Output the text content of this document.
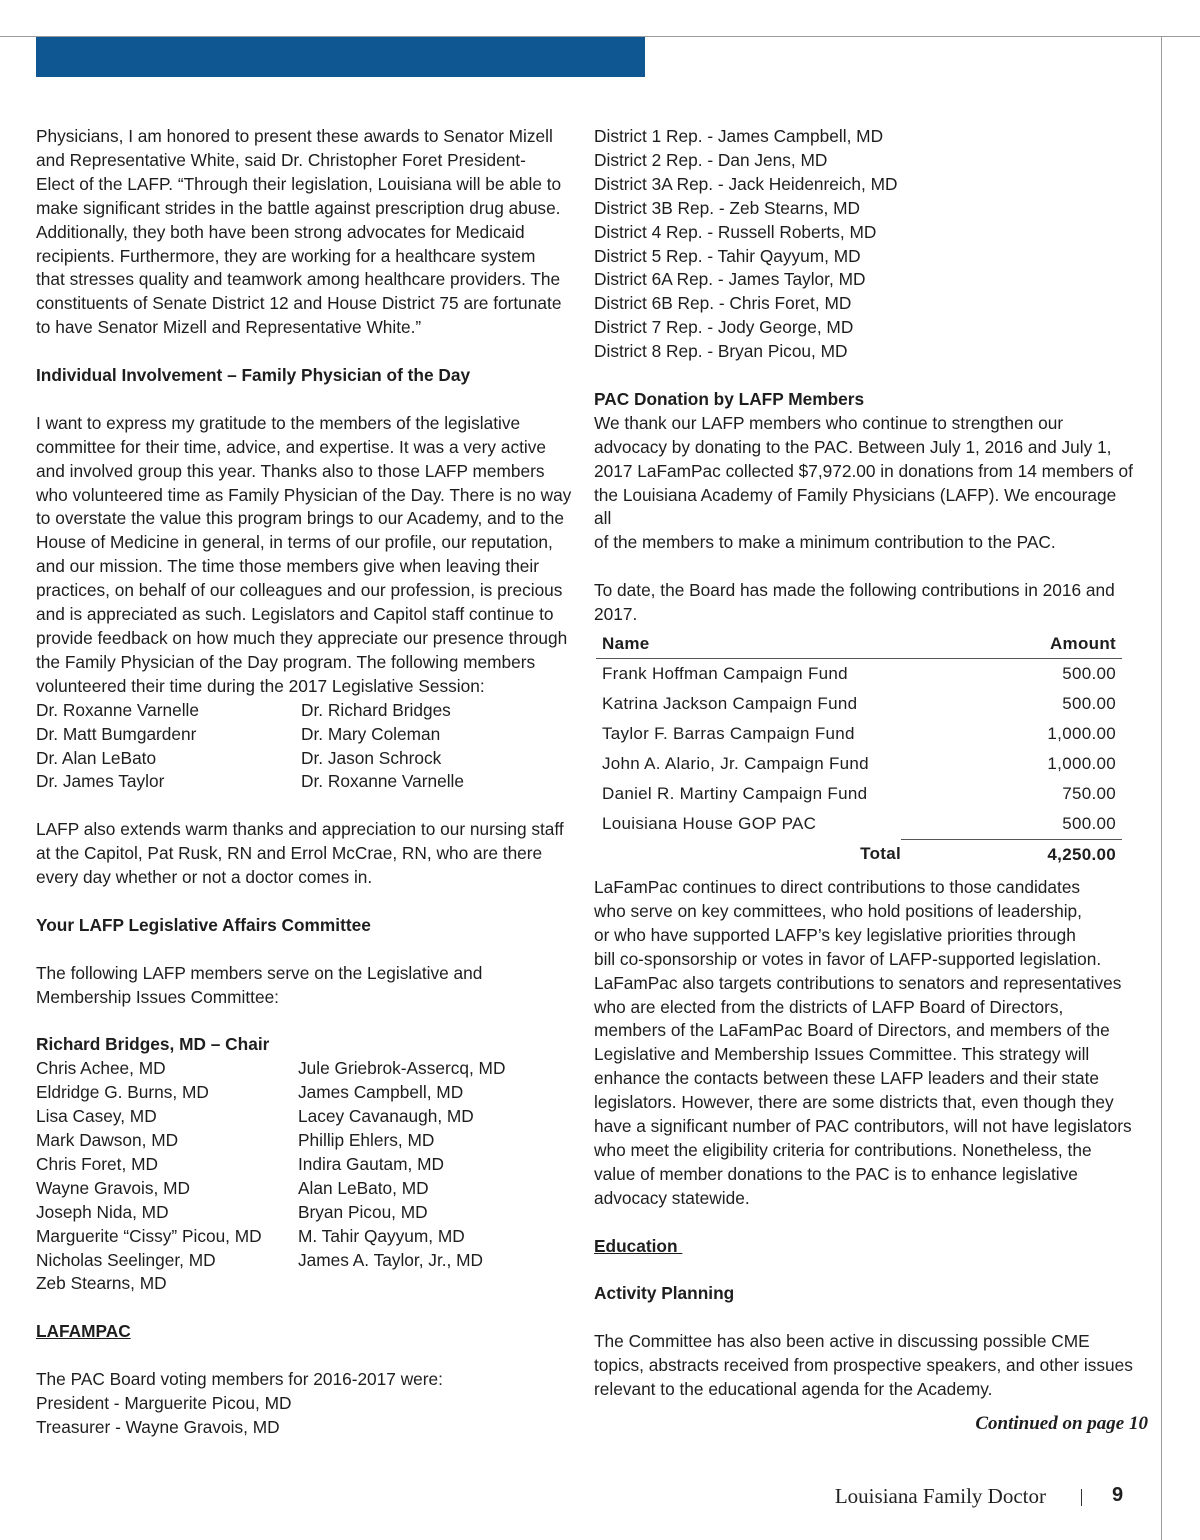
Physicians, I am honored to present these awards to Senator Mizell

and Representative White, said Dr. Christopher Foret President-

Elect of the LAFP. “Through their legislation, Louisiana will be able to

make significant strides in the battle against prescription drug abuse.

Additionally, they both have been strong advocates for Medicaid

recipients. Furthermore, they are working for a healthcare system

that stresses quality and teamwork among healthcare providers. The

constituents of Senate District 12 and House District 75 are fortunate

to have Senator Mizell and Representative White.”

Individual Involvement – Family Physician of the Day

I want to express my gratitude to the members of the legislative

committee for their time, advice, and expertise. It was a very active

and involved group this year. Thanks also to those LAFP members

who volunteered time as Family Physician of the Day. There is no way

to overstate the value this program brings to our Academy, and to the

House of Medicine in general, in terms of our profile, our reputation,

and our mission. The time those members give when leaving their

practices, on behalf of our colleagues and our profession, is precious

and is appreciated as such. Legislators and Capitol staff continue to

provide feedback on how much they appreciate our presence through

the Family Physician of the Day program. The following members

volunteered their time during the 2017 Legislative Session:

Dr. Roxanne Varnelle	Dr. Richard Bridges
Dr. Matt Bumgardenr	Dr. Mary Coleman
Dr. Alan LeBato	Dr. Jason Schrock
Dr. James Taylor	Dr. Roxanne Varnelle

LAFP also extends warm thanks and appreciation to our nursing staff

at the Capitol, Pat Rusk, RN and Errol McCrae, RN, who are there

every day whether or not a doctor comes in.

Your LAFP Legislative Affairs Committee

The following LAFP members serve on the Legislative and

Membership Issues Committee:

Richard Bridges, MD – Chair

Chris Achee, MD	Jule Griebrok-Assercq, MD
Eldridge G. Burns, MD	James Campbell, MD
Lisa Casey, MD	Lacey Cavanaugh, MD
Mark Dawson, MD	Phillip Ehlers, MD
Chris Foret, MD	Indira Gautam, MD
Wayne Gravois, MD	Alan LeBato, MD
Joseph Nida, MD	Bryan Picou, MD
Marguerite “Cissy” Picou, MD	M. Tahir Qayyum, MD
Nicholas Seelinger, MD	James A. Taylor, Jr., MD
Zeb Stearns, MD

LAFAMPAC

The PAC Board voting members for 2016-2017 were:

President - Marguerite Picou, MD

Treasurer - Wayne Gravois, MD

District 1 Rep. - James Campbell, MD

District 2 Rep. - Dan Jens, MD

District 3A Rep. - Jack Heidenreich, MD

District 3B Rep. - Zeb Stearns, MD

District 4 Rep. - Russell Roberts, MD

District 5 Rep. - Tahir Qayyum, MD

District 6A Rep. - James Taylor, MD

District 6B Rep. - Chris Foret, MD

District 7 Rep. - Jody George, MD

District 8 Rep. - Bryan Picou, MD

PAC Donation by LAFP Members

We thank our LAFP members who continue to strengthen our

advocacy by donating to the PAC. Between July 1, 2016 and July 1,

2017 LaFamPac collected $7,972.00 in donations from 14 members of

the Louisiana Academy of Family Physicians (LAFP). We encourage all

of the members to make a minimum contribution to the PAC.

To date, the Board has made the following contributions in 2016 and

2017.

Name	Amount
Frank Hoffman Campaign Fund	500.00
Katrina Jackson Campaign Fund	500.00
Taylor F. Barras Campaign Fund	1,000.00
John A. Alario, Jr. Campaign Fund	1,000.00
Daniel R. Martiny Campaign Fund	750.00
Louisiana House GOP PAC	500.00
Total	4,250.00

LaFamPac continues to direct contributions to those candidates

who serve on key committees, who hold positions of leadership,

or who have supported LAFP’s key legislative priorities through

bill co-sponsorship or votes in favor of LAFP-supported legislation.

LaFamPac also targets contributions to senators and representatives

who are elected from the districts of LAFP Board of Directors,

members of the LaFamPac Board of Directors, and members of the

Legislative and Membership Issues Committee. This strategy will

enhance the contacts between these LAFP leaders and their state

legislators. However, there are some districts that, even though they

have a significant number of PAC contributors, will not have legislators

who meet the eligibility criteria for contributions. Nonetheless, the

value of member donations to the PAC is to enhance legislative

advocacy statewide.

Education

Activity Planning

The Committee has also been active in discussing possible CME

topics, abstracts received from prospective speakers, and other issues

relevant to the educational agenda for the Academy.

Continued on page 10
Louisiana Family Doctor	9
